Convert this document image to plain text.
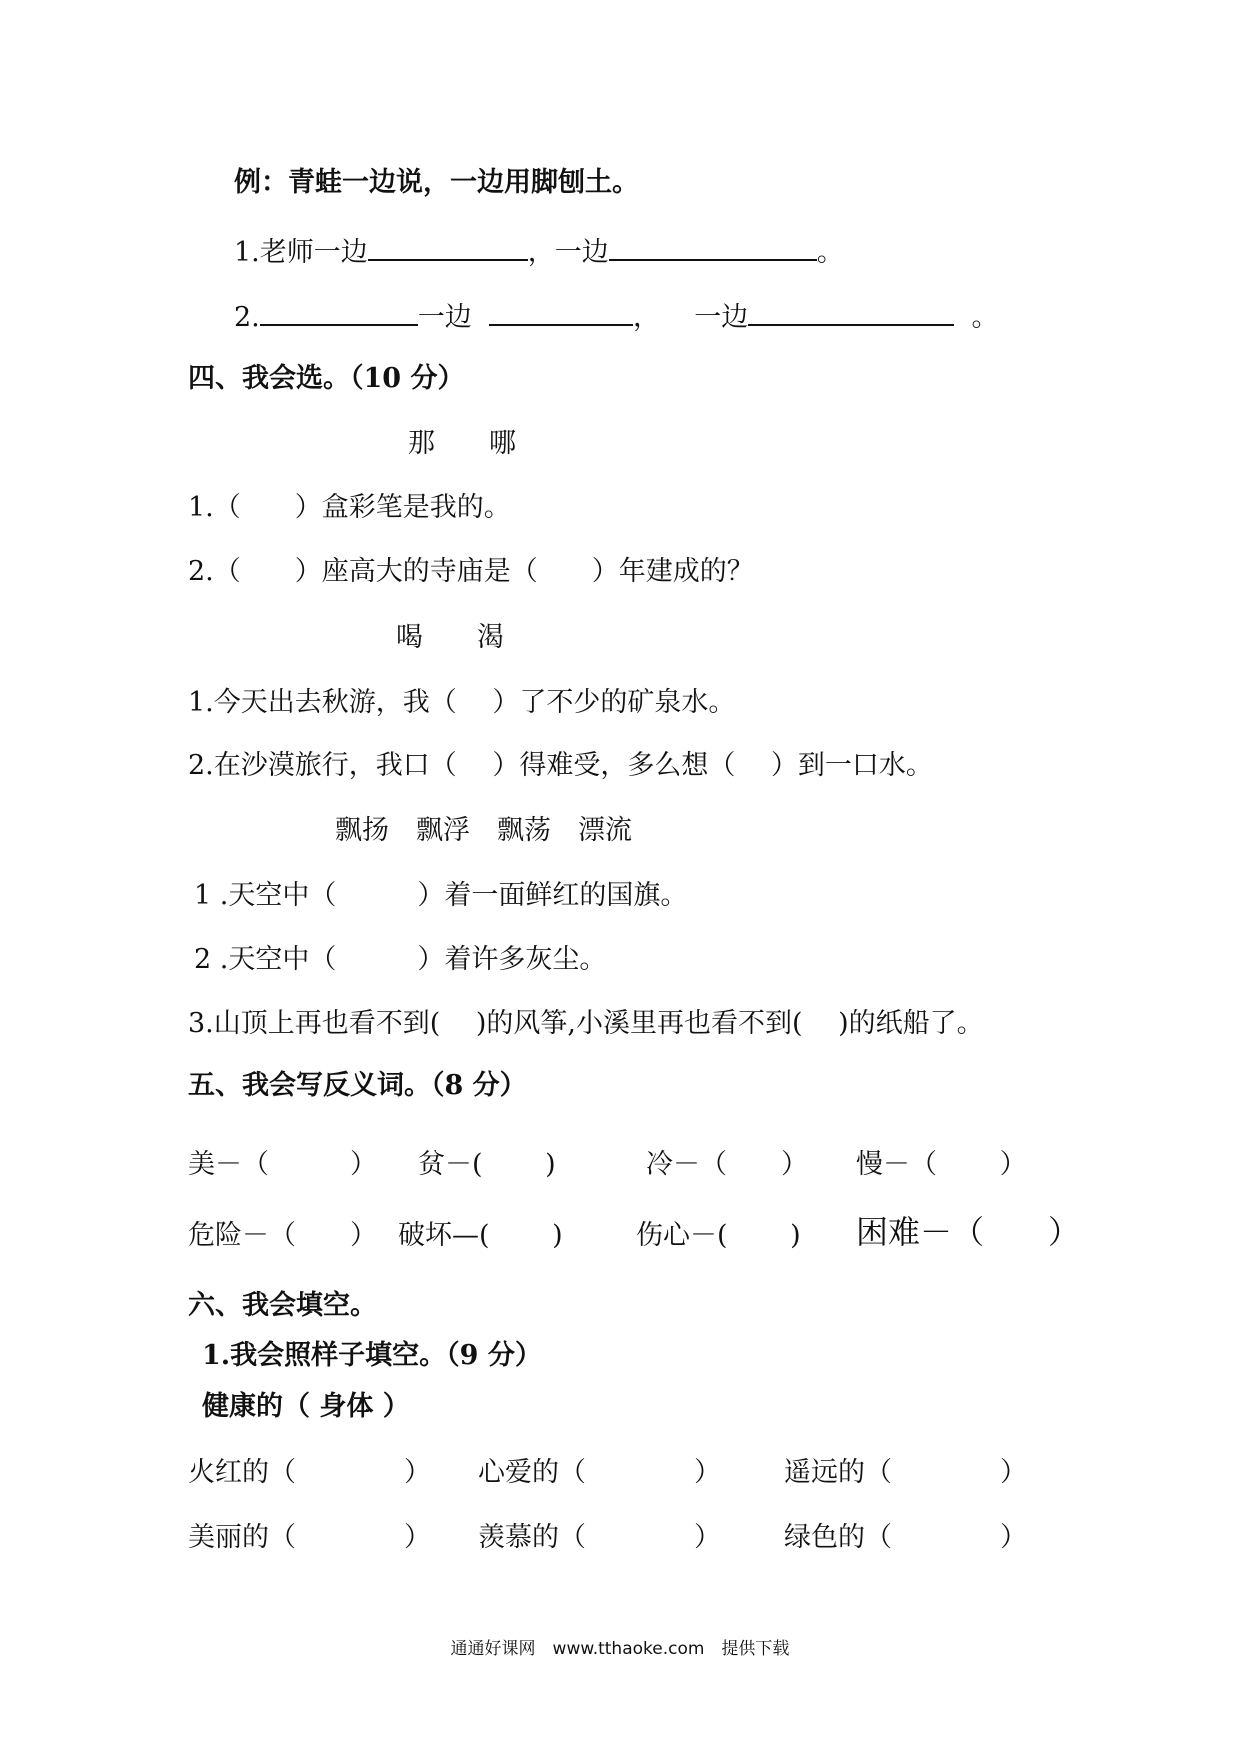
例：青蛙一边说，一边用脚刨土。
1.老师一边	，一边	。
2.	一边	， 一边	。
四、我会选。（10 分）
那　　哪
1.（　　）盒彩笔是我的。
2.（　　）座高大的寺庙是（　　）年建成的？
喝　　渴
1.今天出去秋游，我（　 ）了不少的矿泉水。
2.在沙漠旅行，我口（　 ）得难受，多么想（　 ）到一口水。
飘扬　飘浮　飘荡　漂流
1 .天空中（　　　）着一面鲜红的国旗。
2 .天空中（　　　）着许多灰尘。
3.山顶上再也看不到(　 )的风筝,小溪里再也看不到(　 )的纸船了。
五、我会写反义词。（8 分）
美－（　　　） 贫－(　　 )	冷－（　　） 慢－（　　 ）
危险－（　　） 破坏—(　　 )	伤心－(　　 ) 困难－（　　）
六、我会填空。
1.我会照样子填空。（9 分）
健康的（ 身体 ）
火红的（　　　　） 心爱的（　　　　） 遥远的（　　　　）
美丽的（　　　　） 羡慕的（　　　　） 绿色的（　　　　）
通通好课网　www.tthaoke.com　提供下载
